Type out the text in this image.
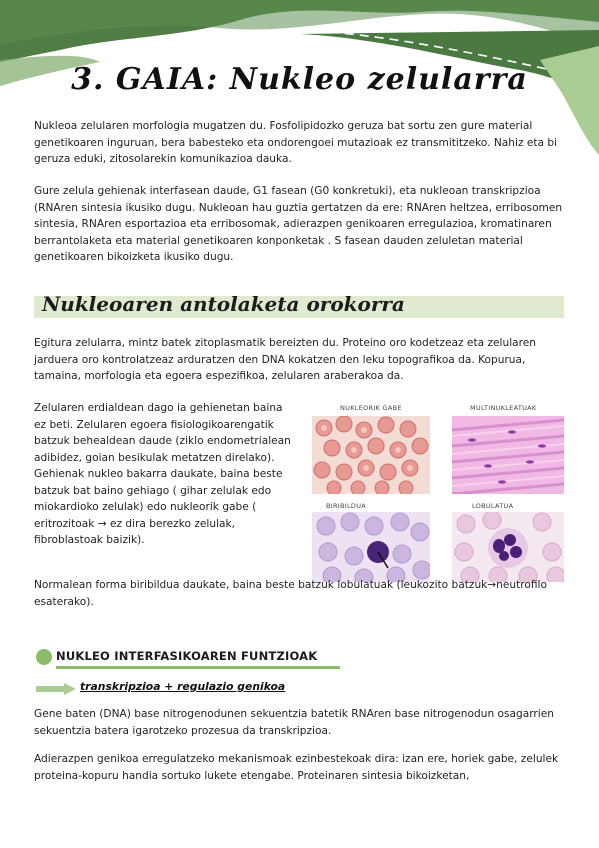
3. GAIA: Nukleo zelularra

Nukleoa zelularen morfologia mugatzen du. Fosfolipidozko geruza bat sortu zen gure material genetikoaren inguruan, bera babesteko eta ondorengoei mutazioak ez transmititzeko. Nahiz eta bi geruza eduki, zitosolarekin komunikazioa dauka.

Gure zelula gehienak interfasean daude, G1 fasean (G0 konkretuki), eta nukleoan transkripzioa (RNAren sintesia ikusiko dugu. Nukleoan hau guztia gertatzen da ere: RNAren heltzea, erribosomen sintesia, RNAren esportazioa eta erribosomak, adierazpen genikoaren erregulazioa, kromatinaren berrantolaketa eta material genetikoaren konponketak . S fasean dauden zeluletan material genetikoaren bikoizketa ikusiko dugu.

Nukleoaren antolaketa orokorra

Egitura zelularra, mintz batek zitoplasmatik bereizten du. Proteino oro kodetzeaz eta zelularen jarduera oro kontrolatzeaz arduratzen den DNA kokatzen den leku topografikoa da. Kopurua, tamaina, morfologia eta egoera espezifikoa, zelularen araberakoa da.

Zelularen erdialdean dago ia gehienetan baina ez beti. Zelularen egoera fisiologikoarengatik batzuk behealdean daude (ziklo endometrialean adibidez, goian besikulak metatzen direlako). Gehienak nukleo bakarra daukate, baina beste batzuk bat baino gehiago ( gihar zelulak edo miokardioko zelulak) edo nukleorik gabe ( eritrozitoak → ez dira berezko zelulak, fibroblastoak baizik).

NUKLEORIK GABE	MULTINUKLEATUAK
BIRIBILDUA	LOBULATUA

Normalean forma biribildua daukate, baina beste batzuk lobulatuak (leukozito batzuk→neutrofilo esaterako).

NUKLEO INTERFASIKOAREN FUNTZIOAK
transkripzioa + regulazio genikoa

Gene baten (DNA) base nitrogenodunen sekuentzia batetik RNAren base nitrogenodun osagarrien sekuentzia batera igarotzeko prozesua da transkripzioa.

Adierazpen genikoa erregulatzeko mekanismoak ezinbestekoak dira: izan ere, horiek gabe, zelulek proteina-kopuru handia sortuko lukete etengabe. Proteinaren sintesia bikoizketan,
